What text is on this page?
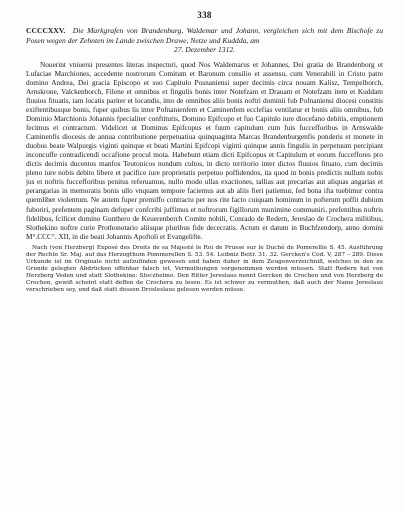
338
CCCCXXV. Die Markgrafen von Brandenburg, Waldemar und Johann, vergleichen sich mit dem Bischofe zu Posen wegen der Zehnten im Lande zwischen Drawe, Netze und Kuddda, am
27. Dezember 1312.

Nouerint vniuersi presentes literas inspecturi, quod Nos Waldemarus et Johannes, Dei gratia de Brandenborg et Lufaciae Marchiones, accedente nostrorum Comitum et Baronum consilio et assensu, cum Venerabili in Cristo patre domino Andrea, Dei gracia Episcopo et suo Capitulo Posnaniensi super decimis circa nouam Kalisz, Tempelborch, Arnskrone, Valckenborch, Filene et omnibus et fingulis bonis inter Notefzam et Drauam et Notefzam item et Kuddam fluuios fituatis, iam locatis pariter et locandis, imo de omnibus aliis bonis noftri dominii fub Pofnaniensi diocesi constitis exiftentibusque bonis, fuper quibus lis inter Pofnanienfem et Caminenfem ecclefias ventilatur et bonis aliis omnibus, fub Dominio Marchionis Johannis fpecialiter conftitutis, Domino Epifcopo et fuo Capitulo iure diocefano debitis, emptionem fecimus et contractum. Videlicet ut Dominus Epifcopus et fuum capitulum cum fuis fuccefforibus in Arnswalde Caminenfis diocesis de annua contributione perpetuatiua quinquaginta Marcas Brandenburgenfis ponderis et monete in duobus beate Walpurgis viginti quinque et beati Martini Epifcopi viginti quinque annis fingulis in perpetuum percipiant inconcuffe contradicendi occafione procul mota. Habebunt etiam dicti Epifcopus et Capitulum et eorum fucceffores pro dictis decimis ducentos manfos Teutonicos nondum cultos, in dicto territorio inter dictos fluuios fituato, cum decimis pleno iure nobis debito libere et pacifice iure proprietatis perpetuo poffidendos, ita quod in bonis predictis nullum nobis jus et noftris fuccefforibus penitus referuamus, nullo modo ullas exactiones, tallias aut precarias aut aliquas angarias et perangarias in memoratis bonis ullo vnquam tempore faciemus aut ab aliis fieri patiemur, fed bona ifta tuebimur contra quemlibet violentum. Ne autem fuper premiffo contractu per nos rite facto cuiquam hominum in pofterum poffit dubium fuboriri, prefentem paginam defuper confcribi juffimus et noftrorum figillorum munimine communiri, prefentibus noftris fidelibus, fcilicet domino Gunthero de Keuerenberch Comite nobili, Conrado de Redern, Jereslao de Crochera militibus, Slothekino noftre curie Prothonotario aliisque pluribus fide dececratis. Actum et datum in Buchfzendorp, anno domini M°.CCC°. XII, in die beati Johannis Apoftoli et Evangelifte.

Nach (von Herzberg) Exposé des Droits de sa Majesté le Roi de Prusse sur le Duché de Pomerellie S. 45. Ausführung der Rechte Sr. Maj. auf das Herzogthum Pommerellen S. 53. 54. Leibniz Beitr. 31. 32. Gercken's Cod. V, 287 – 289. Diese Urkunde ist im Originale nicht aufzufinden gewesen und haben daher in dem Zeugenverzeichniß, welches in den zu Grunde gelegten Abdrücken offenbar falsch ist, Vermuthungen vorgenommen werden müssen. Statt Redern hat von Herzberg Veden und statt Slothekino: Stoczhelmo. Den Ritter Jereslaus nennt Gercken de Crochen und von Herzberg de Crochen, gewiß scheint statt deffen de Crochera zu lesen. Es ist schwer zu vermuthen, daß auch der Name Jereslaus verschrieben sey, und daß statt dessen Drosleslaus gelesen werden müsse.
